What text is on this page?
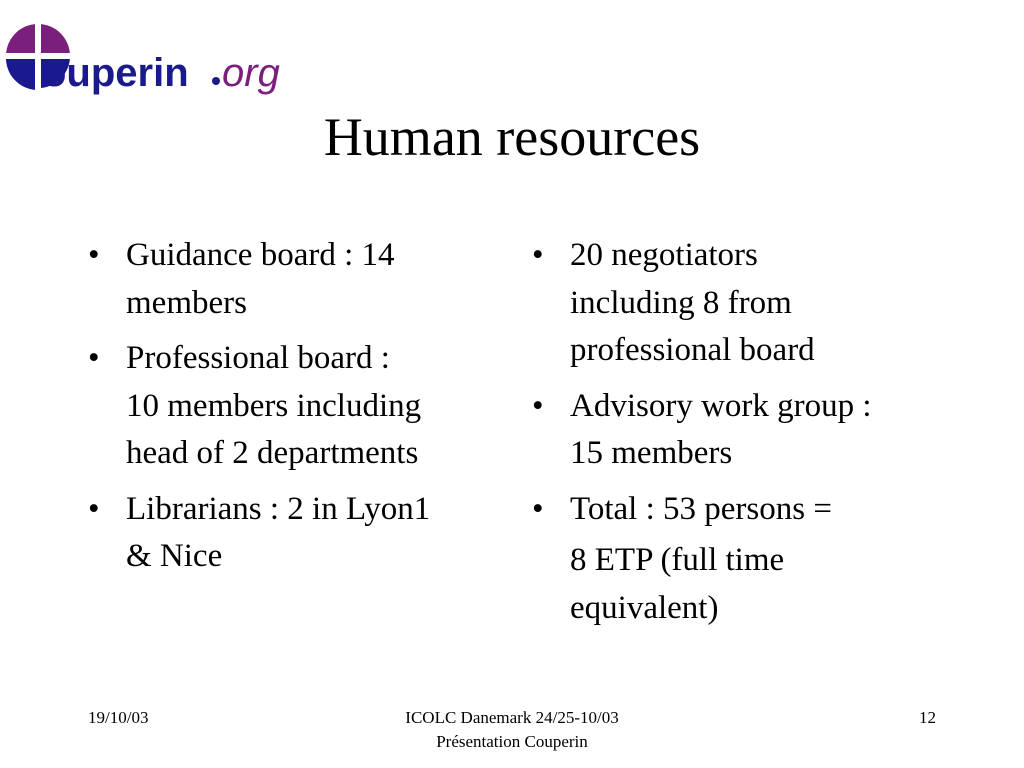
ouperin org
Human resources
• Guidance board : 14
members
• Professional board :
10 members including
head of 2 departments
• Librarians : 2 in Lyon1
& Nice
• 20 negotiators
including 8 from
professional board
• Advisory work group :
15 members
• Total : 53 persons =
8 ETP (full time
equivalent)
19/10/03	ICOLC Danemark 24/25-10/03
Présentation Couperin
12
